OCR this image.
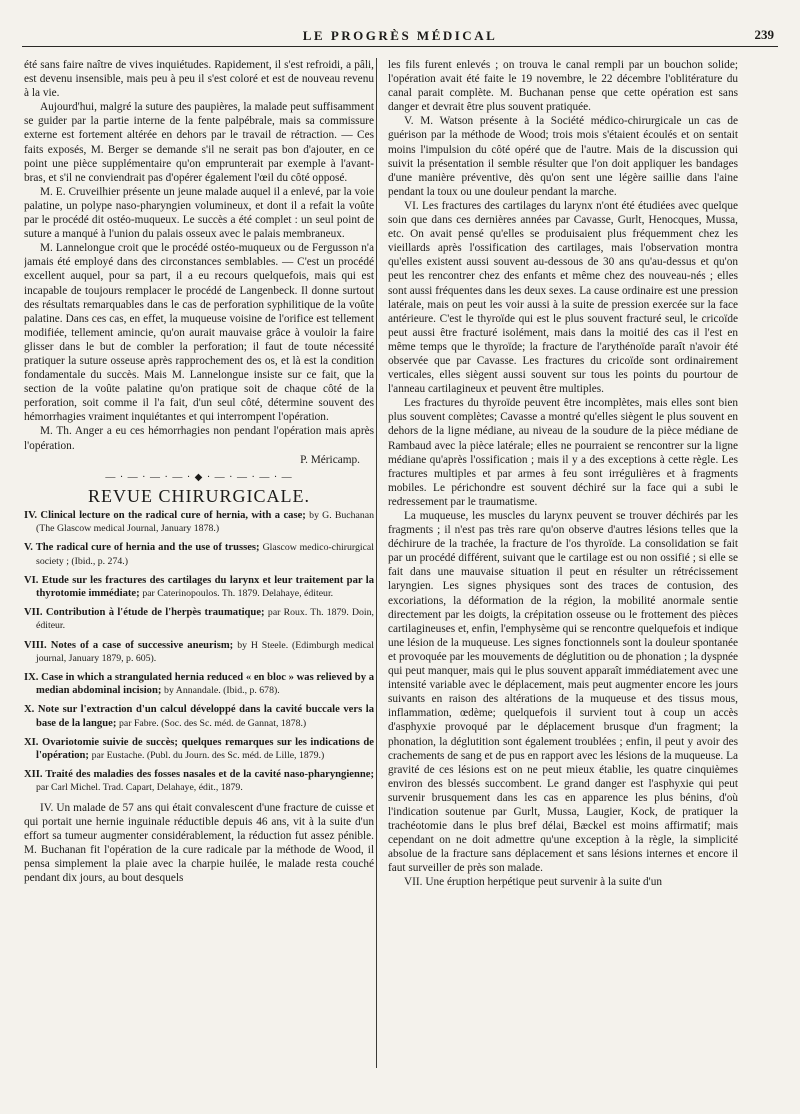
LE PROGRÈS MÉDICAL	239

été sans faire naître de vives inquiétudes. Rapidement, il s'est refroidi, a pâli, est devenu insensible, mais peu à peu il s'est coloré et est de nouveau revenu à la vie.

Aujourd'hui, malgré la suture des paupières, la malade peut suffisamment se guider par la partie interne de la fente palpébrale, mais sa commissure externe est fortement altérée en dehors par le travail de rétraction. — Ces faits exposés, M. Berger se demande s'il ne serait pas bon d'ajouter, en ce point une pièce supplémentaire qu'on emprunterait par exemple à l'avant-bras, et s'il ne conviendrait pas d'opérer également l'œil du côté opposé.

M. E. Cruveilhier présente un jeune malade auquel il a enlevé, par la voie palatine, un polype naso-pharyngien volumineux, et dont il a refait la voûte par le procédé dit ostéo-muqueux. Le succès a été complet : un seul point de suture a manqué à l'union du palais osseux avec le palais membraneux.

M. Lannelongue croit que le procédé ostéo-muqueux ou de Fergusson n'a jamais été employé dans des circonstances semblables. — C'est un procédé excellent auquel, pour sa part, il a eu recours quelquefois, mais qui est incapable de toujours remplacer le procédé de Langenbeck. Il donne surtout des résultats remarquables dans le cas de perforation syphilitique de la voûte palatine. Dans ces cas, en effet, la muqueuse voisine de l'orifice est tellement modifiée, tellement amincie, qu'on aurait mauvaise grâce à vouloir la faire glisser dans le but de combler la perforation; il faut de toute nécessité pratiquer la suture osseuse après rapprochement des os, et là est la condition fondamentale du succès. Mais M. Lannelongue insiste sur ce fait, que la section de la voûte palatine qu'on pratique soit de chaque côté de la perforation, soit comme il l'a fait, d'un seul côté, détermine souvent des hémorrhagies vraiment inquiétantes et qui interrompent l'opération.

M. Th. Anger a eu ces hémorrhagies non pendant l'opération mais après l'opération.

P. Méricamp.

— · — · — · — · ◆ · — · — · — · —
REVUE CHIRURGICALE.
IV. Clinical lecture on the radical cure of hernia, with a case; by G. Buchanan (The Glascow medical Journal, January 1878.)
V. The radical cure of hernia and the use of trusses; Glascow medico-chirurgical society ; (Ibid., p. 274.)
VI. Etude sur les fractures des cartilages du larynx et leur traitement par la thyrotomie immédiate; par Caterinopoulos. Th. 1879. Delahaye, éditeur.
VII. Contribution à l'étude de l'herpès traumatique; par Roux. Th. 1879. Doin, éditeur.
VIII. Notes of a case of successive aneurism; by H Steele. (Edimburgh medical journal, January 1879, p. 605).
IX. Case in which a strangulated hernia reduced « en bloc » was relieved by a median abdominal incision; by Annandale. (Ibid., p. 678).
X. Note sur l'extraction d'un calcul développé dans la cavité buccale vers la base de la langue; par Fabre. (Soc. des Sc. méd. de Gannat, 1878.)
XI. Ovariotomie suivie de succès; quelques remarques sur les indications de l'opération; par Eustache. (Publ. du Journ. des Sc. méd. de Lille, 1879.)
XII. Traité des maladies des fosses nasales et de la cavité naso-pharyngienne; par Carl Michel. Trad. Capart, Delahaye, édit., 1879.

IV. Un malade de 57 ans qui était convalescent d'une fracture de cuisse et qui portait une hernie inguinale réductible depuis 46 ans, vit à la suite d'un effort sa tumeur augmenter considérablement, la réduction fut assez pénible. M. Buchanan fit l'opération de la cure radicale par la méthode de Wood, il pensa simplement la plaie avec la charpie huilée, le malade resta couché pendant dix jours, au bout desquels

les fils furent enlevés ; on trouva le canal rempli par un bouchon solide; l'opération avait été faite le 19 novembre, le 22 décembre l'oblitérature du canal parait complète. M. Buchanan pense que cette opération est sans danger et devrait être plus souvent pratiquée.

V. M. Watson présente à la Société médico-chirurgicale un cas de guérison par la méthode de Wood; trois mois s'étaient écoulés et on sentait moins l'impulsion du côté opéré que de l'autre. Mais de la discussion qui suivit la présentation il semble résulter que l'on doit appliquer les bandages d'une manière préventive, dès qu'on sent une légère saillie dans l'aine pendant la toux ou une douleur pendant la marche.

VI. Les fractures des cartilages du larynx n'ont été étudiées avec quelque soin que dans ces dernières années par Cavasse, Gurlt, Henocques, Mussa, etc. On avait pensé qu'elles se produisaient plus fréquemment chez les vieillards après l'ossification des cartilages, mais l'observation montra qu'elles existent aussi souvent au-dessous de 30 ans qu'au-dessus et qu'on peut les rencontrer chez des enfants et même chez des nouveau-nés ; elles sont aussi fréquentes dans les deux sexes. La cause ordinaire est une pression latérale, mais on peut les voir aussi à la suite de pression exercée sur la face antérieure. C'est le thyroïde qui est le plus souvent fracturé seul, le cricoïde peut aussi être fracturé isolément, mais dans la moitié des cas il l'est en même temps que le thyroïde; la fracture de l'arythénoïde paraît n'avoir été observée que par Cavasse. Les fractures du cricoïde sont ordinairement verticales, elles siègent aussi souvent sur tous les points du pourtour de l'anneau cartilagineux et peuvent être multiples.

Les fractures du thyroïde peuvent être incomplètes, mais elles sont bien plus souvent complètes; Cavasse a montré qu'elles siègent le plus souvent en dehors de la ligne médiane, au niveau de la soudure de la pièce médiane de Rambaud avec la pièce latérale; elles ne pourraient se rencontrer sur la ligne médiane qu'après l'ossification ; mais il y a des exceptions à cette règle. Les fractures multiples et par armes à feu sont irrégulières et à fragments mobiles. Le périchondre est souvent déchiré sur la face qui a subi le redressement par le traumatisme.

La muqueuse, les muscles du larynx peuvent se trouver déchirés par les fragments ; il n'est pas très rare qu'on observe d'autres lésions telles que la déchirure de la trachée, la fracture de l'os thyroïde. La consolidation se fait par un procédé différent, suivant que le cartilage est ou non ossifié ; si elle se fait dans une mauvaise situation il peut en résulter un rétrécissement laryngien. Les signes physiques sont des traces de contusion, des excoriations, la déformation de la région, la mobilité anormale sentie directement par les doigts, la crépitation osseuse ou le frottement des pièces cartilagineuses et, enfin, l'emphysème qui se rencontre quelquefois et indique une lésion de la muqueuse. Les signes fonctionnels sont la douleur spontanée et provoquée par les mouvements de déglutition ou de phonation ; la dyspnée qui peut manquer, mais qui le plus souvent apparaît immédiatement avec une intensité variable avec le déplacement, mais peut augmenter encore les jours suivants en raison des altérations de la muqueuse et des tissus mous, inflammation, œdème; quelquefois il survient tout à coup un accès d'asphyxie provoqué par le déplacement brusque d'un fragment; la phonation, la déglutition sont également troublées ; enfin, il peut y avoir des crachements de sang et de pus en rapport avec les lésions de la muqueuse. La gravité de ces lésions est on ne peut mieux établie, les quatre cinquièmes environ des blessés succombent. Le grand danger est l'asphyxie qui peut survenir brusquement dans les cas en apparence les plus bénins, d'où l'indication soutenue par Gurlt, Mussa, Laugier, Kock, de pratiquer la trachéotomie dans le plus bref délai, Bæckel est moins affirmatif; mais cependant on ne doit admettre qu'une exception à la règle, la simplicité absolue de la fracture sans déplacement et sans lésions internes et encore il faut surveiller de près son malade.

VII. Une éruption herpétique peut survenir à la suite d'un
